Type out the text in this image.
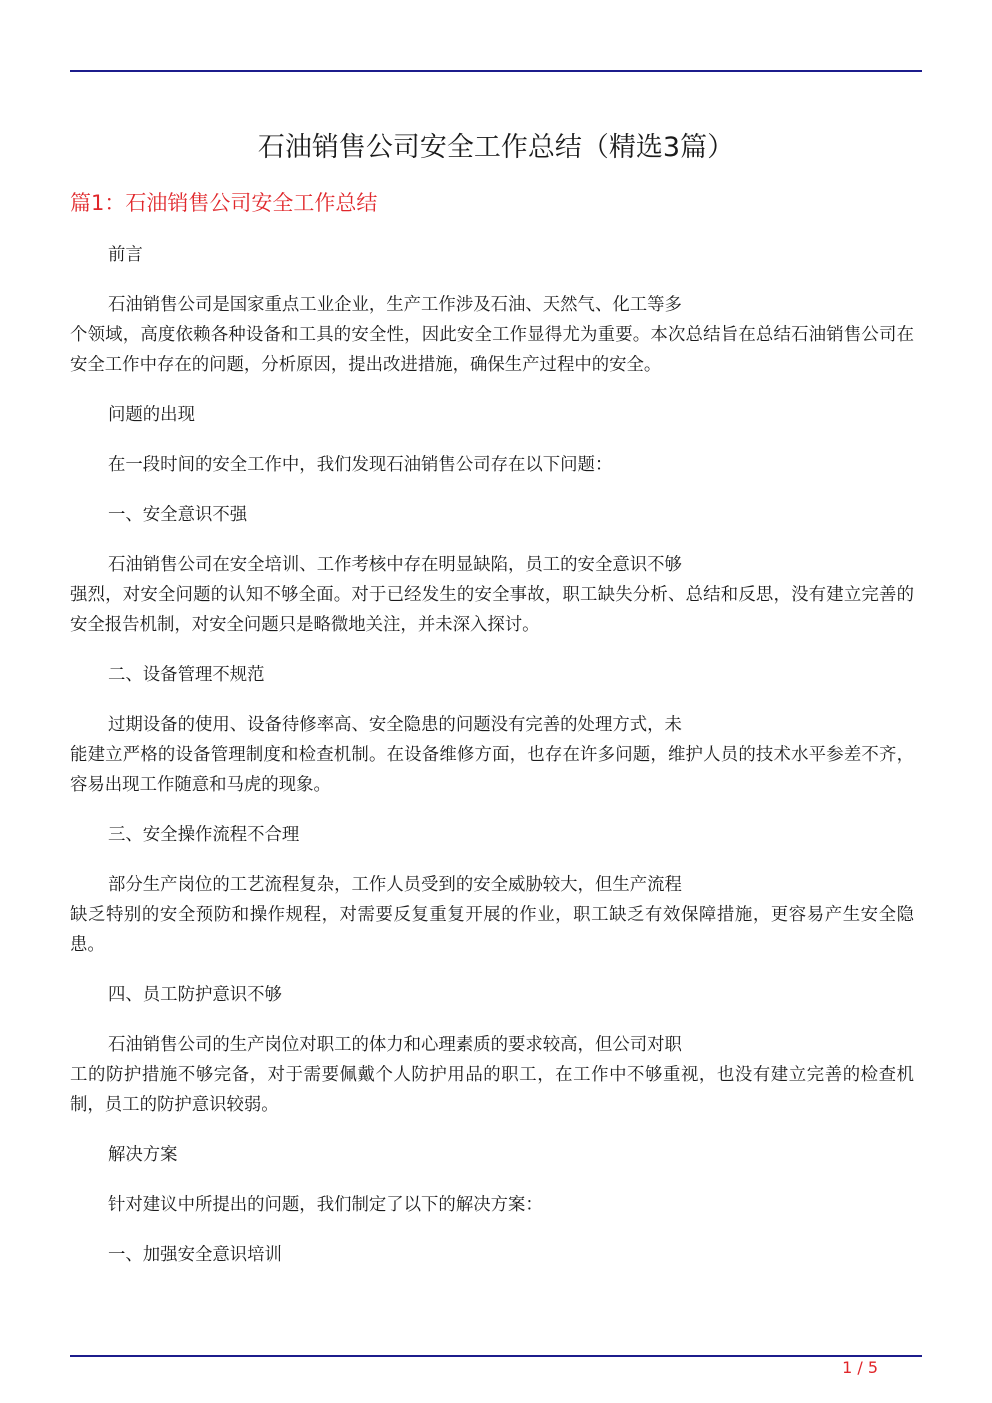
石油销售公司安全工作总结（精选3篇）
篇1：石油销售公司安全工作总结

前言

石油销售公司是国家重点工业企业，生产工作涉及石油、天然气、化工等多
个领域，高度依赖各种设备和工具的安全性，因此安全工作显得尤为重要。本次总结旨在总结石油销售公司在安全工作中存在的问题，分析原因，提出改进措施，确保生产过程中的安全。

问题的出现

在一段时间的安全工作中，我们发现石油销售公司存在以下问题：

一、安全意识不强

石油销售公司在安全培训、工作考核中存在明显缺陷，员工的安全意识不够
强烈，对安全问题的认知不够全面。对于已经发生的安全事故，职工缺失分析、总结和反思，没有建立完善的安全报告机制，对安全问题只是略微地关注，并未深入探讨。

二、设备管理不规范

过期设备的使用、设备待修率高、安全隐患的问题没有完善的处理方式，未
能建立严格的设备管理制度和检查机制。在设备维修方面，也存在许多问题，维护人员的技术水平参差不齐，容易出现工作随意和马虎的现象。

三、安全操作流程不合理

部分生产岗位的工艺流程复杂，工作人员受到的安全威胁较大，但生产流程
缺乏特别的安全预防和操作规程，对需要反复重复开展的作业，职工缺乏有效保障措施，更容易产生安全隐患。

四、员工防护意识不够

石油销售公司的生产岗位对职工的体力和心理素质的要求较高，但公司对职
工的防护措施不够完备，对于需要佩戴个人防护用品的职工，在工作中不够重视，也没有建立完善的检查机制，员工的防护意识较弱。

解决方案

针对建议中所提出的问题，我们制定了以下的解决方案：

一、加强安全意识培训

1 / 5
